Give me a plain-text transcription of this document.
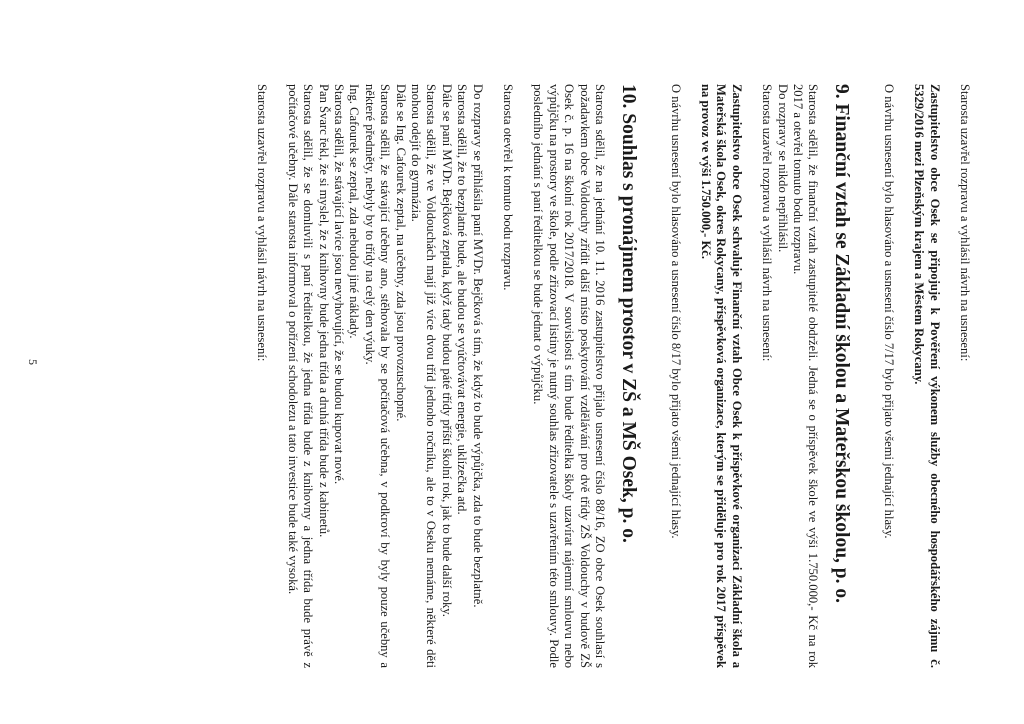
Starosta uzavřel rozpravu a vyhlásil návrh na usnesení:

Zastupitelstvo obce Osek se připojuje k Pověření výkonem služby obecného hospodářského zájmu č. 5329/2016 mezi Plzeňským krajem a Městem Rokycany.

O návrhu usnesení bylo hlasováno a usnesení číslo 7/17 bylo přijato všemi jednající hlasy.

9. Finanční vztah se Základní školou a Mateřskou školou, p. o.

Starosta sdělil, že finanční vztah zastupitelé obdrželi. Jedná se o příspěvek škole ve výši 1.750.000,- Kč na rok 2017 a otevřel tomuto bodu rozpravu.

Do rozpravy se nikdo nepřihlásil.

Starosta uzavřel rozpravu a vyhlásil návrh na usnesení:

Zastupitelstvo obce Osek schvaluje Finanční vztah Obce Osek k příspěvkové organizaci Základní škola a Mateřská škola Osek, okres Rokycany, příspěvková organizace, kterým se přiděluje pro rok 2017 příspěvek na provoz ve výši 1.750.000,- Kč.

O návrhu usnesení bylo hlasováno a usnesení číslo 8/17 bylo přijato všemi jednající hlasy.

10. Souhlas s pronájmem prostor v ZŠ a MŠ Osek, p. o.

Starosta sdělil, že na jednání 10. 11. 2016 zastupitelstvo přijalo usnesení číslo 88/16, ZO obce Osek souhlasí s požadavkem obce Voldouchy zřídit další místo poskytování vzdělávání pro dvě třídy ZŠ Voldouchy v budově ZŠ Osek č. p. 16 na školní rok 2017/2018. V souvislosti s tím bude ředitelka školy uzavírat nájemní smlouvu nebo výpůjčku na prostory ve škole, podle zřizovací listiny je nutný souhlas zřizovatele s uzavřením této smlouvy. Podle posledního jednání s paní ředitelkou se bude jednat o výpůjčku.

Starosta otevřel k tomuto bodu rozpravu.

Do rozpravy se přihlásila paní MVDr. Bejčková s tím, že když to bude výpůjčka, zda to bude bezplatně.

Starosta sdělil, že to bezplatné bude, ale budou se vyúčtovávat energie, uklízečka atd.

Dále se paní MVDr. Bejčková zeptala, když tady budou páté třídy příští školní rok, jak to bude další roky.

Starosta sdělil, že ve Voldouchách mají již více dvou tříd jednoho ročníku, ale to v Oseku nemáme, některé děti mohou odejít do gymnázia.

Dále se Ing. Cafourek zeptal, na učebny, zda jsou provozuschopné.

Starosta sdělil, že stávající učebny ano, stěhovala by se počítačová učebna, v podkroví by byly pouze učebny a některé předměty, nebyly by to třídy na celý den výuky.

Ing. Cafourek se zeptal, zda nebudou jiné náklady.

Starosta sdělil, že stávající lavice jsou nevyhovující, že se budou kupovat nové.

Pan Švarc řekl, že si myslel, že z knihovny bude jedna třída a druhá třída bude z kabinetů.

Starosta sdělil, že se domluvili s paní ředitelkou, že jedna třída bude z knihovny a jedna třída bude právě z počítačové učebny. Dále starosta informoval o pořízení schodolezu a tato investice bude také vysoká.

Starosta uzavřel rozpravu a vyhlásil návrh na usnesení:

5
